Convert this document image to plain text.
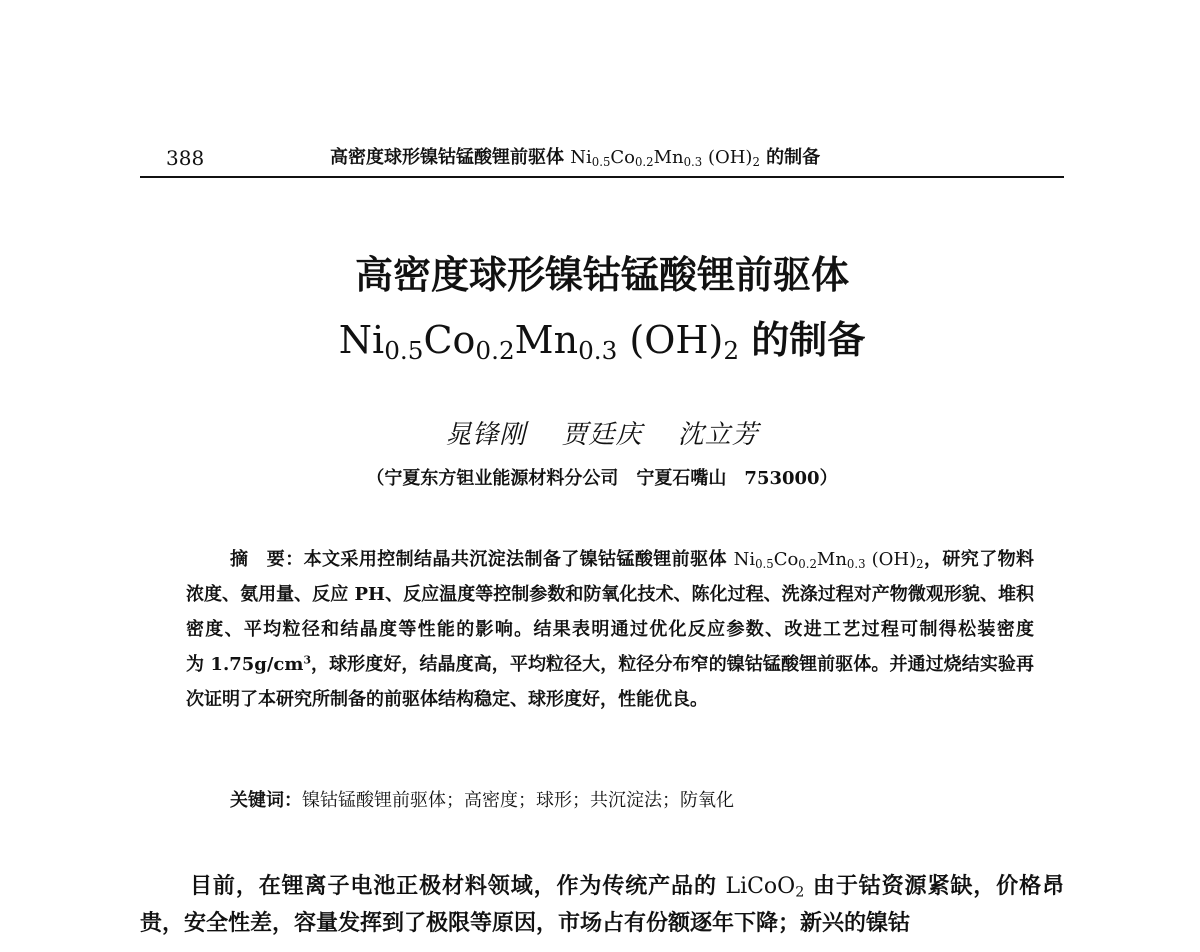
388	高密度球形镍钴锰酸锂前驱体 $Ni_{0.5}Co_{0.2}Mn_{0.3}$ $(OH)_2$ 的制备
高密度球形镍钴锰酸锂前驱体
$Ni_{0.5}Co_{0.2}Mn_{0.3}$ $(OH)_2$ 的制备
晁锋刚 贾廷庆 沈立芳
（宁夏东方钽业能源材料分公司　宁夏石嘴山　753000）
摘　要：本文采用控制结晶共沉淀法制备了镍钴锰酸锂前驱体 $Ni_{0.5}Co_{0.2}Mn_{0.3}$ $(OH)_2$，研究了物料浓度、氨用量、反应 PH、反应温度等控制参数和防氧化技术、陈化过程、洗涤过程对产物微观形貌、堆积密度、平均粒径和结晶度等性能的影响。结果表明通过优化反应参数、改进工艺过程可制得松装密度为 $1.75g/cm^3$，球形度好，结晶度高，平均粒径大，粒径分布窄的镍钴锰酸锂前驱体。并通过烧结实验再次证明了本研究所制备的前驱体结构稳定、球形度好，性能优良。
关键词：镍钴锰酸锂前驱体；高密度；球形；共沉淀法；防氧化
目前，在锂离子电池正极材料领域，作为传统产品的 LiCoO$_2$ 由于钴资源紧缺，价格昂贵，安全性差，容量发挥到了极限等原因，市场占有份额逐年下降；新兴的镍钴
